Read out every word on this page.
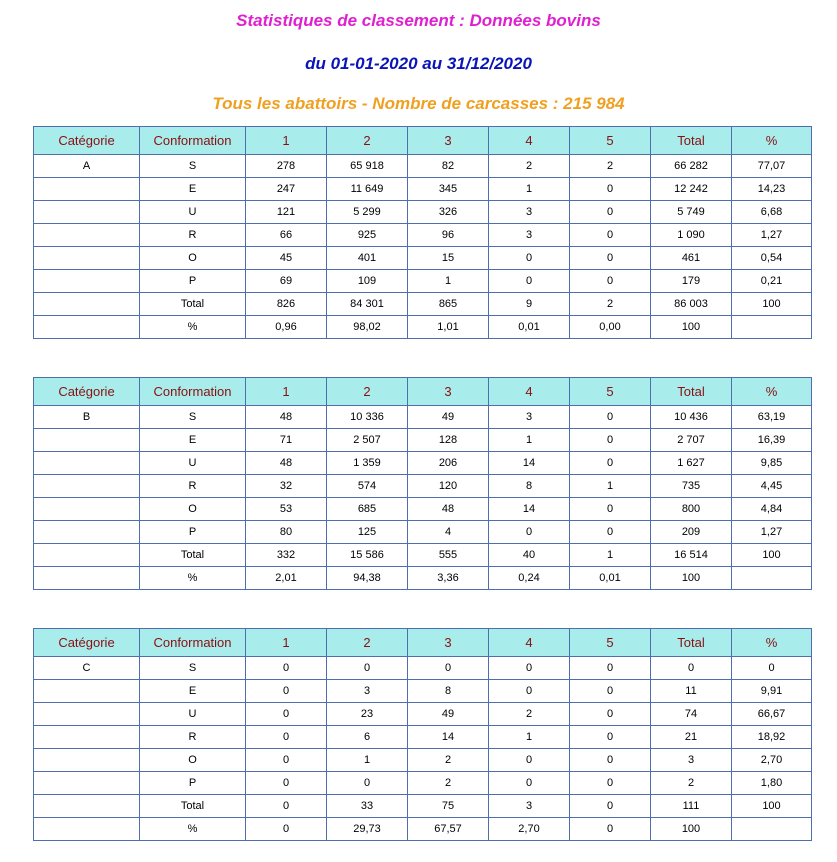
Statistiques de classement : Données bovins
du 01-01-2020 au 31/12/2020
Tous les abattoirs - Nombre de carcasses : 215 984
Catégorie	Conformation	1	2	3	4	5	Total	%
A	S	278	65 918	82	2	2	66 282	77,07
	E	247	11 649	345	1	0	12 242	14,23
	U	121	5 299	326	3	0	5 749	6,68
	R	66	925	96	3	0	1 090	1,27
	O	45	401	15	0	0	461	0,54
	P	69	109	1	0	0	179	0,21
	Total	826	84 301	865	9	2	86 003	100
	%	0,96	98,02	1,01	0,01	0,00	100	
Catégorie	Conformation	1	2	3	4	5	Total	%
B	S	48	10 336	49	3	0	10 436	63,19
	E	71	2 507	128	1	0	2 707	16,39
	U	48	1 359	206	14	0	1 627	9,85
	R	32	574	120	8	1	735	4,45
	O	53	685	48	14	0	800	4,84
	P	80	125	4	0	0	209	1,27
	Total	332	15 586	555	40	1	16 514	100
	%	2,01	94,38	3,36	0,24	0,01	100	
Catégorie	Conformation	1	2	3	4	5	Total	%
C	S	0	0	0	0	0	0	0
	E	0	3	8	0	0	11	9,91
	U	0	23	49	2	0	74	66,67
	R	0	6	14	1	0	21	18,92
	O	0	1	2	0	0	3	2,70
	P	0	0	2	0	0	2	1,80
	Total	0	33	75	3	0	111	100
	%	0	29,73	67,57	2,70	0	100	
